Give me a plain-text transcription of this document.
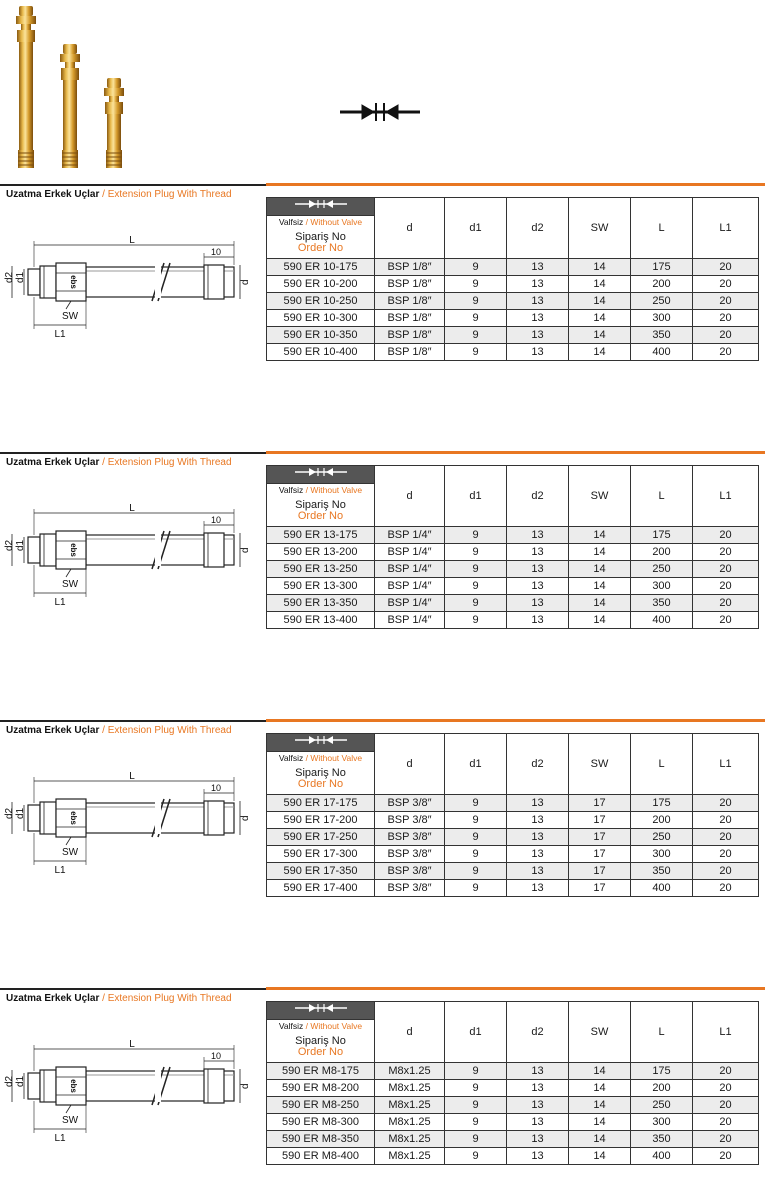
Uzatma Erkek Uçlar / Extension Plug With Thread
ebs
L
10
d
d1
d2
SW
L1
	d	d1	d2	SW	L	L1
Valfsiz / Without Valve						

Sipariş No
Order No						

590 ER 10-175	BSP 1/8″	9	13	14	175	20
590 ER 10-200	BSP 1/8″	9	13	14	200	20
590 ER 10-250	BSP 1/8″	9	13	14	250	20
590 ER 10-300	BSP 1/8″	9	13	14	300	20
590 ER 10-350	BSP 1/8″	9	13	14	350	20
590 ER 10-400	BSP 1/8″	9	13	14	400	20
Uzatma Erkek Uçlar / Extension Plug With Thread
ebs
L
10
d
d1
d2
SW
L1
	d	d1	d2	SW	L	L1
Valfsiz / Without Valve						

Sipariş No
Order No						

590 ER 13-175	BSP 1/4″	9	13	14	175	20
590 ER 13-200	BSP 1/4″	9	13	14	200	20
590 ER 13-250	BSP 1/4″	9	13	14	250	20
590 ER 13-300	BSP 1/4″	9	13	14	300	20
590 ER 13-350	BSP 1/4″	9	13	14	350	20
590 ER 13-400	BSP 1/4″	9	13	14	400	20
Uzatma Erkek Uçlar / Extension Plug With Thread
ebs
L
10
d
d1
d2
SW
L1
	d	d1	d2	SW	L	L1
Valfsiz / Without Valve						

Sipariş No
Order No						

590 ER 17-175	BSP 3/8″	9	13	17	175	20
590 ER 17-200	BSP 3/8″	9	13	17	200	20
590 ER 17-250	BSP 3/8″	9	13	17	250	20
590 ER 17-300	BSP 3/8″	9	13	17	300	20
590 ER 17-350	BSP 3/8″	9	13	17	350	20
590 ER 17-400	BSP 3/8″	9	13	17	400	20
Uzatma Erkek Uçlar / Extension Plug With Thread
ebs
L
10
d
d1
d2
SW
L1
	d	d1	d2	SW	L	L1
Valfsiz / Without Valve						

Sipariş No
Order No						

590 ER M8-175	M8x1.25	9	13	14	175	20
590 ER M8-200	M8x1.25	9	13	14	200	20
590 ER M8-250	M8x1.25	9	13	14	250	20
590 ER M8-300	M8x1.25	9	13	14	300	20
590 ER M8-350	M8x1.25	9	13	14	350	20
590 ER M8-400	M8x1.25	9	13	14	400	20
